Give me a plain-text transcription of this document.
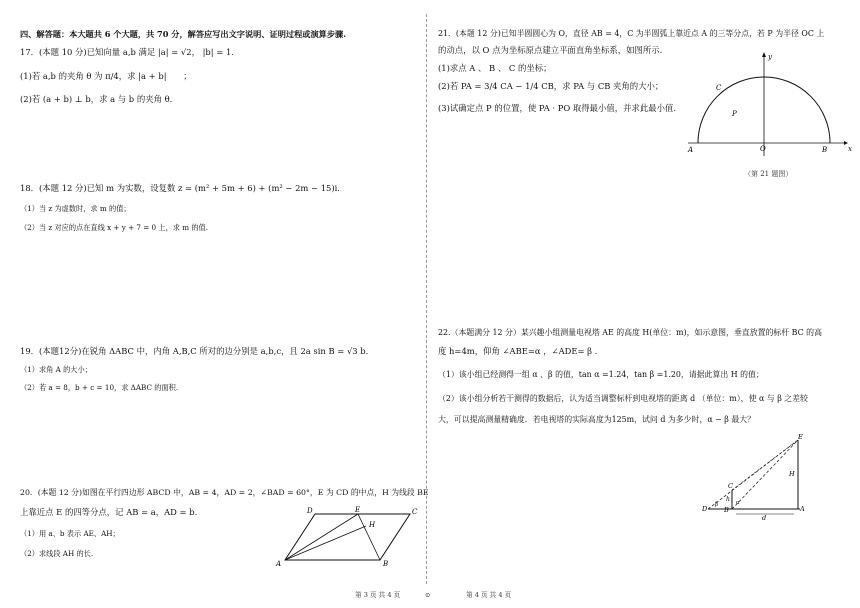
四、解答题：本大题共 6 个大题，共 70 分，解答应写出文字说明、证明过程或演算步骤.
17．(本题 10 分)已知向量 a,b 满足 |a| = √2， |b| = 1.
(1)若 a,b 的夹角 θ 为 π/4，求 |a + b|　　；
(2)若 (a + b) ⊥ b，求 a 与 b 的夹角 θ.
18．(本题 12 分)已知 m 为实数，设复数 z = (m² + 5m + 6) + (m² − 2m − 15)i.
（1）当 z 为虚数时，求 m 的值；
（2）当 z 对应的点在直线 x + y + 7 = 0 上，求 m 的值.
19．(本题12分)在锐角 ΔABC 中，内角 A,B,C 所对的边分别是 a,b,c，且 2a sin B = √3 b.
（1）求角 A 的大小；
（2）若 a = 8，b + c = 10，求 ΔABC 的面积.
20．(本题 12 分)如图在平行四边形 ABCD 中，AB = 4，AD = 2，∠BAD = 60°，E 为 CD 的中点，H 为线段 BE
上靠近点 E 的四等分点，记 AB = a，AD = b.
（1）用 a、b 表示 AE、AH；
（2）求线段 AH 的长.
A	B
C
D	E
H
21．(本题 12 分)已知半圆圆心为 O，直径 AB = 4，C 为半圆弧上靠近点 A 的三等分点，若 P 为半径 OC 上
的动点，以 O 点为坐标原点建立平面直角坐标系，如图所示.
(1)求点 A 、 B 、 C 的坐标；
(2)若 PA = 3/4 CA − 1/4 CB，求 PA 与 CB 夹角的大小；
(3)试确定点 P 的位置，使 PA · PO 取得最小值，并求此最小值.
A	B
C
O
P
x
y
（第 21 题图）
22.（本题满分 12 分）某兴趣小组测量电视塔 AE 的高度 H(单位：m)，如示意图，垂直放置的标杆 BC 的高
度 h=4m，仰角 ∠ABE=α ，∠ADE= β .
（1）该小组已经测得一组 α 、β 的值，tan α =1.24，tan β =1.20，请据此算出 H 的值；
（2）该小组分析若干测得的数据后，认为适当调整标杆到电视塔的距离 d （单位：m），使 α 与 β 之差较
大，可以提高测量精确度．若电视塔的实际高度为125m，试问 d 为多少时，α − β 最大？
E
H
A
D
C
B
h
d
α
β
第 3 页 共 4 页	⊙	第 4 页 共 4 页
